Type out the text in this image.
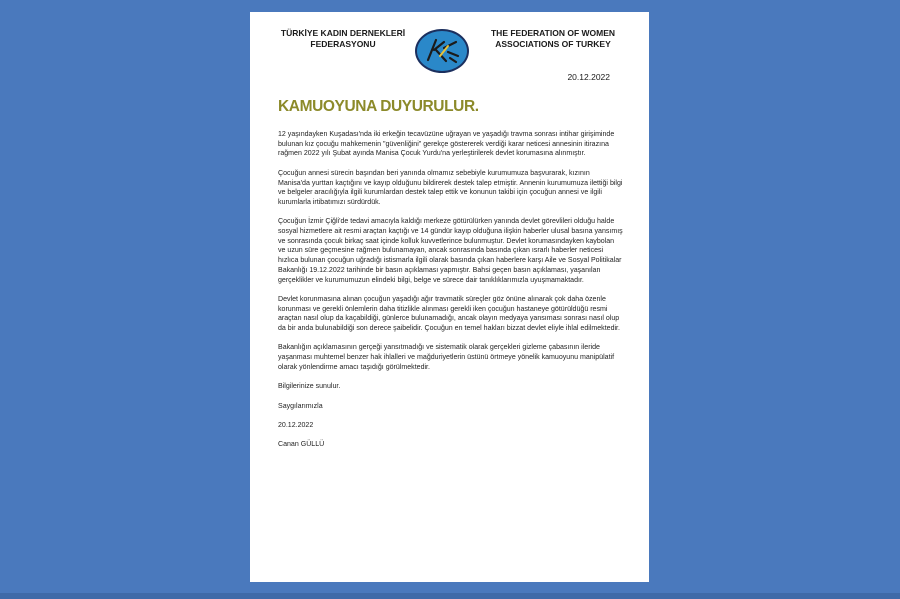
TÜRKİYE KADIN DERNEKLERİ
FEDERASYONU
THE FEDERATION OF WOMEN
ASSOCIATIONS OF TURKEY
20.12.2022
KAMUOYUNA DUYURULUR.

12 yaşındayken Kuşadası'nda iki erkeğin tecavüzüne uğrayan ve yaşadığı travma sonrası intihar girişiminde bulunan kız çocuğu mahkemenin "güvenliğini" gerekçe göstererek verdiği karar neticesi annesinin itirazına rağmen 2022 yılı Şubat ayında Manisa Çocuk Yurdu'na yerleştirilerek devlet korumasına alınmıştır.

Çocuğun annesi sürecin başından beri yanında olmamız sebebiyle kurumumuza başvurarak, kızının Manisa'da yurttan kaçtığını ve kayıp olduğunu bildirerek destek talep etmiştir. Annenin kurumumuza ilettiği bilgi ve belgeler aracılığıyla ilgili kurumlardan destek talep ettik ve konunun takibi için çocuğun annesi ve ilgili kurumlarla irtibatımızı sürdürdük.

Çocuğun İzmir Çiğli'de tedavi amacıyla kaldığı merkeze götürülürken yanında devlet görevlileri olduğu halde sosyal hizmetlere ait resmi araçtan kaçtığı ve 14 gündür kayıp olduğuna ilişkin haberler ulusal basına yansımış ve sonrasında çocuk birkaç saat içinde kolluk kuvvetlerince bulunmuştur. Devlet korumasındayken kaybolan ve uzun süre geçmesine rağmen bulunamayan, ancak sonrasında basında çıkan ısrarlı haberler neticesi hızlıca bulunan çocuğun uğradığı istismarla ilgili olarak basında çıkan haberlere karşı Aile ve Sosyal Politikalar Bakanlığı 19.12.2022 tarihinde bir basın açıklaması yapmıştır. Bahsi geçen basın açıklaması, yaşanılan gerçeklikler ve kurumumuzun elindeki bilgi, belge ve sürece dair tanıklıklarımızla uyuşmamaktadır.

Devlet korunmasına alınan çocuğun yaşadığı ağır travmatik süreçler göz önüne alınarak çok daha özenle korunması ve gerekli önlemlerin daha titizlikle alınması gerekli iken çocuğun hastaneye götürüldüğü resmi araçtan nasıl olup da kaçabildiği, günlerce bulunamadığı, ancak olayın medyaya yansıması sonrası nasıl olup da bir anda bulunabildiği son derece şaibelidir. Çocuğun en temel hakları bizzat devlet eliyle ihlal edilmektedir.

Bakanlığın açıklamasının gerçeği yansıtmadığı ve sistematik olarak gerçekleri gizleme çabasının ileride yaşanması muhtemel benzer hak ihlalleri ve mağduriyetlerin üstünü örtmeye yönelik kamuoyunu manipülatif olarak yönlendirme amacı taşıdığı görülmektedir.

Bilgilerinize sunulur.

Saygılarımızla

20.12.2022

Canan GÜLLÜ
